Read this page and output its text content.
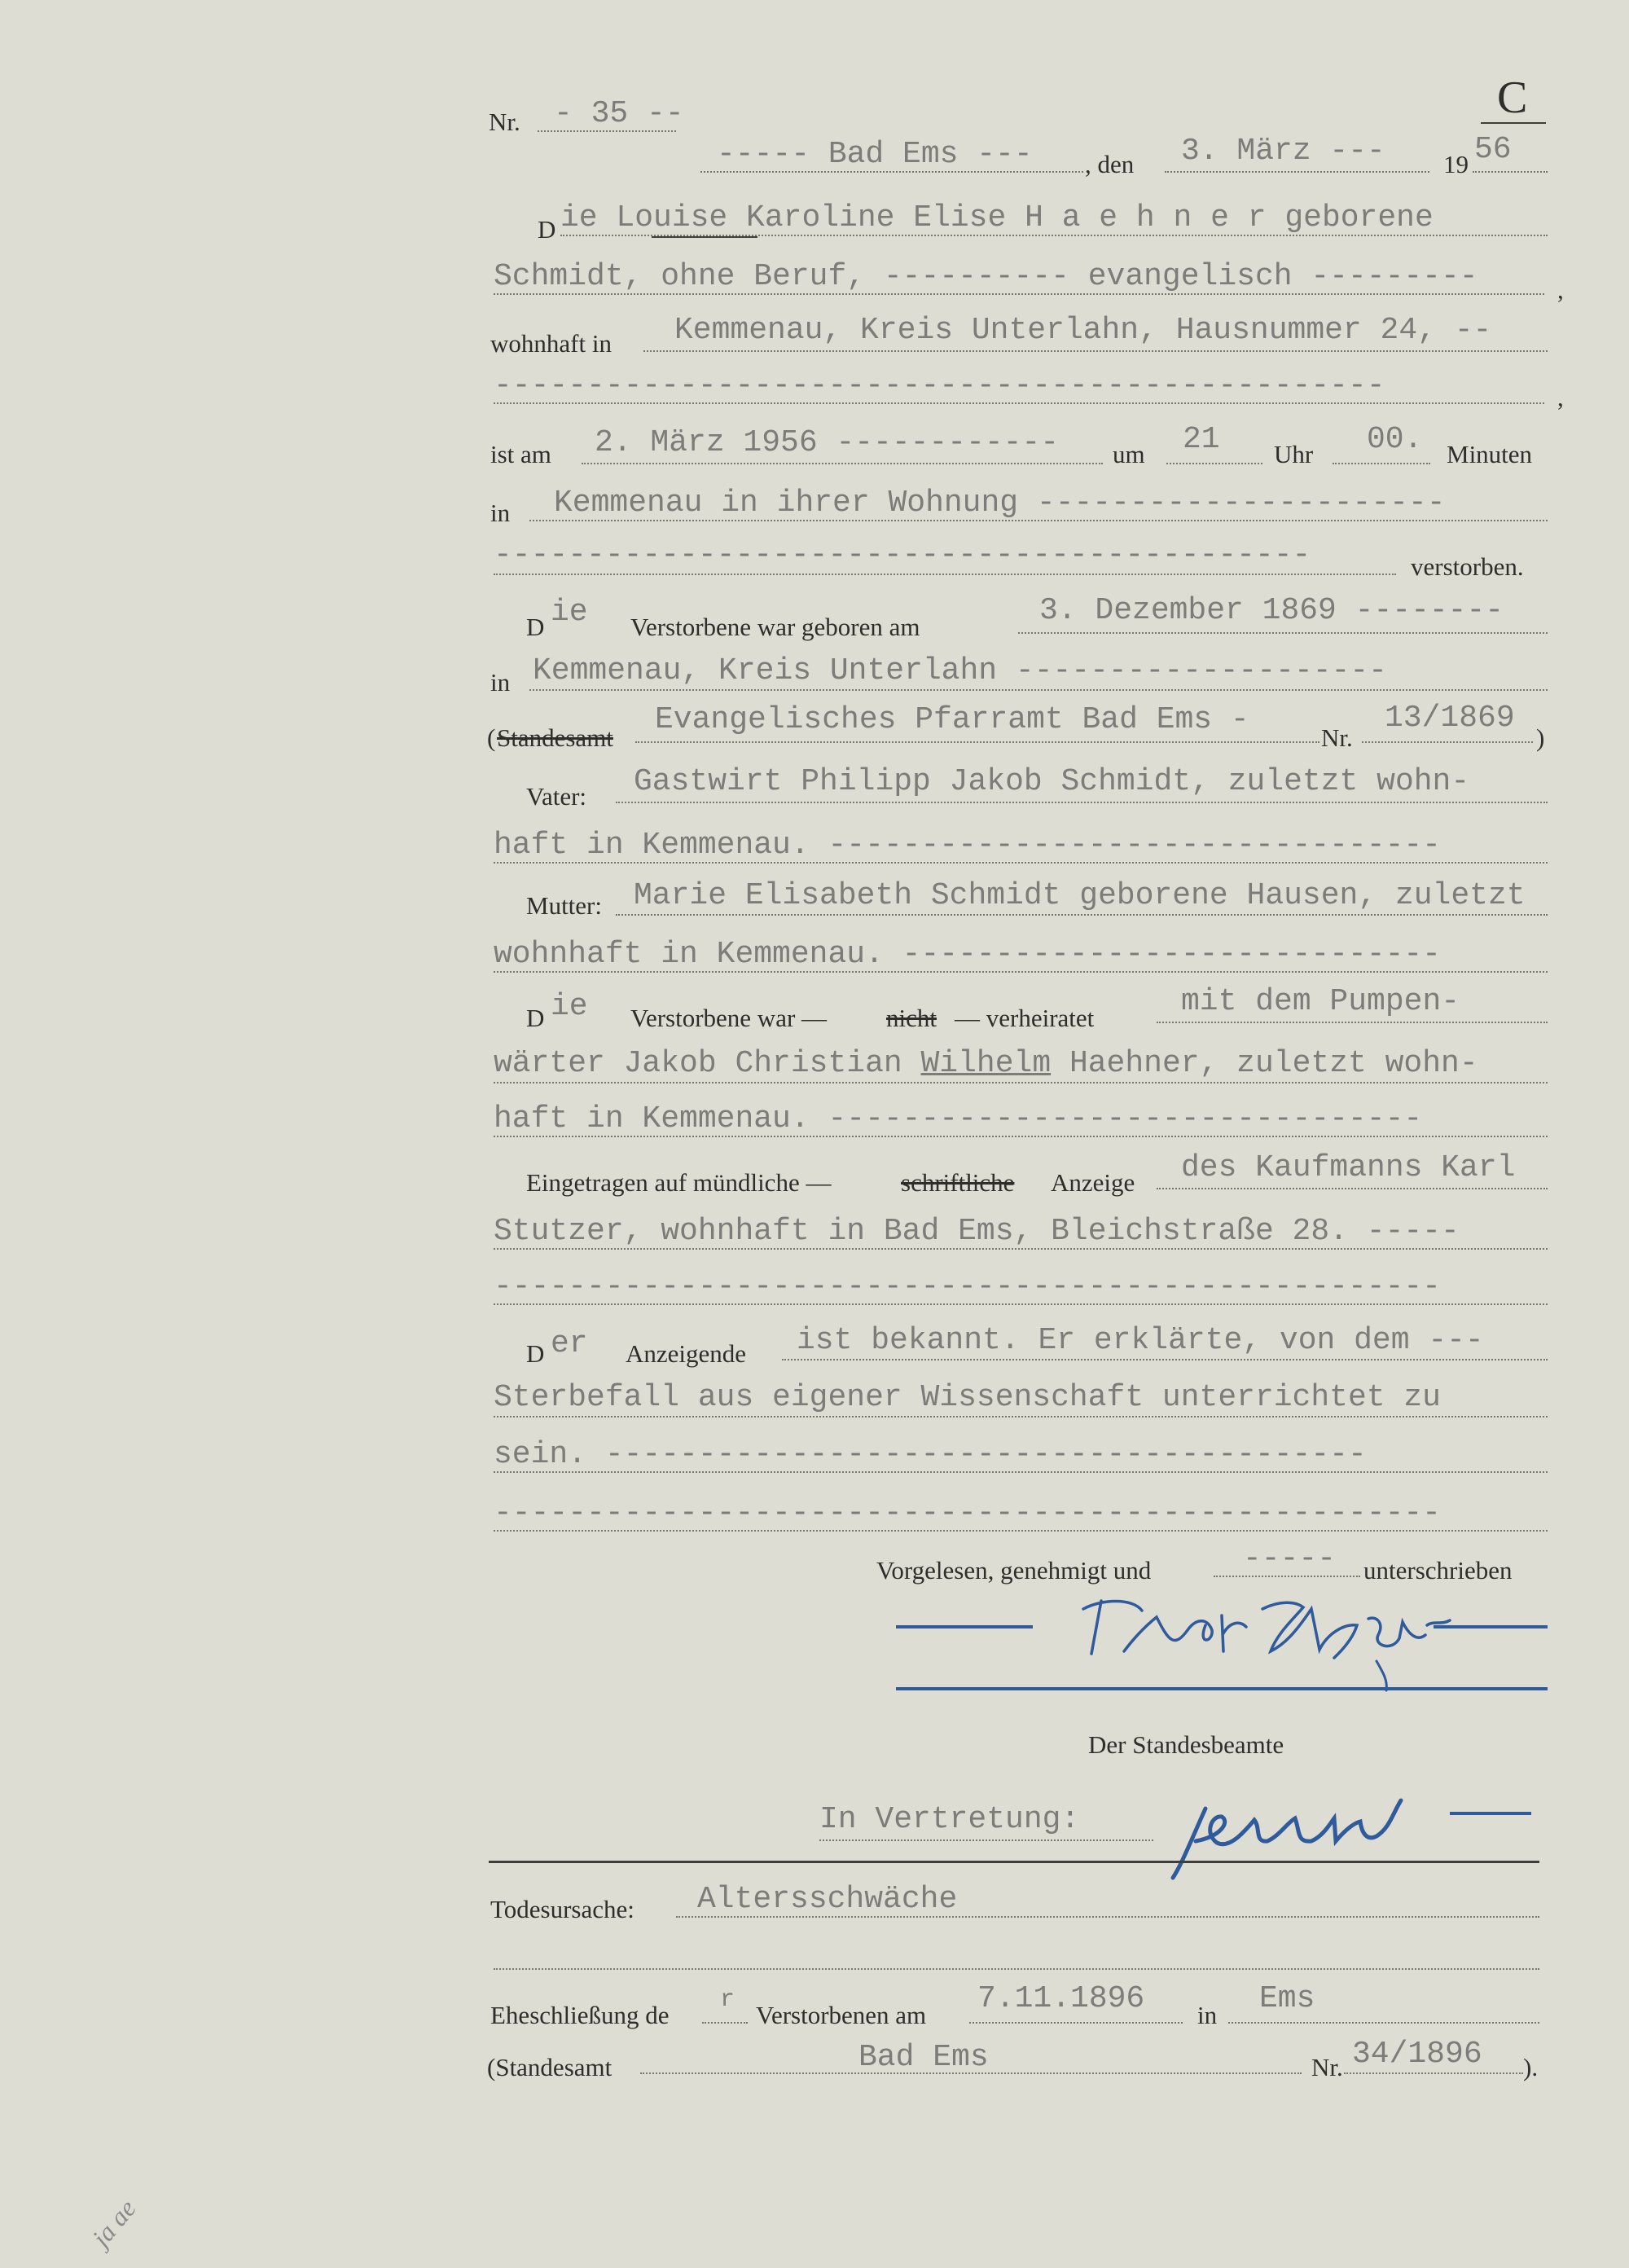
Nr. - 35 --	C
----- Bad Ems --- , den 3. März --- 19 56
D ie Louise Karoline Elise H a e h n e r geborene
Schmidt, ohne Beruf, ---------- evangelisch ---------	,
wohnhaft in Kemmenau, Kreis Unterlahn, Hausnummer 24, --
------------------------------------------------	,
ist am 2. März 1956 ------------ um 21 Uhr 00. Minuten
in Kemmenau in ihrer Wohnung ----------------------
--------------------------------------------	verstorben.
D ie Verstorbene war geboren am	3. Dezember 1869 --------
in Kemmenau, Kreis Unterlahn --------------------
( Standesamt
Evangelisches Pfarramt Bad Ems -
Nr.
13/1869
)
Vater: Gastwirt Philipp Jakob Schmidt, zuletzt wohn-
haft in Kemmenau. ---------------------------------
Mutter: Marie Elisabeth Schmidt geborene Hausen, zuletzt
wohnhaft in Kemmenau. -----------------------------
D ie Verstorbene war — nicht — verheiratet	mit dem Pumpen-
wärter Jakob Christian Wilhelm Haehner, zuletzt wohn-
haft in Kemmenau. --------------------------------
Eingetragen auf mündliche —	schriftliche Anzeige des Kaufmanns Karl
Stutzer, wohnhaft in Bad Ems, Bleichstraße 28. -----
---------------------------------------------------
D er Anzeigende ist bekannt. Er erklärte, von dem ---
Sterbefall aus eigener Wissenschaft unterrichtet zu
sein. -----------------------------------------
---------------------------------------------------
Vorgelesen, genehmigt und	----- unterschrieben
Der Standesbeamte
In Vertretung:
Todesursache: Altersschwäche
Eheschließung de
r
Verstorbenen am 7.11.1896 in Ems
(Standesamt	Bad Ems	Nr. 34/1896 ).
ja ae
